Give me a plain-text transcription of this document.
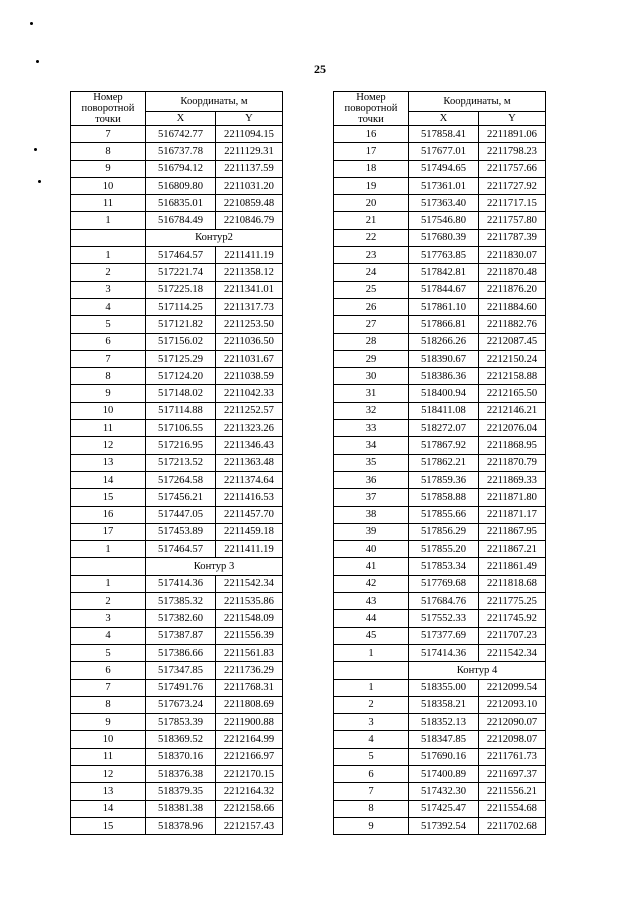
25
Номер поворотной точки	Координаты, м	
	X	Y
7	516742.77	2211094.15
8	516737.78	2211129.31
9	516794.12	2211137.59
10	516809.80	2211031.20
11	516835.01	2210859.48
1	516784.49	2210846.79
	Контур2	
1	517464.57	2211411.19
2	517221.74	2211358.12
3	517225.18	2211341.01
4	517114.25	2211317.73
5	517121.82	2211253.50
6	517156.02	2211036.50
7	517125.29	2211031.67
8	517124.20	2211038.59
9	517148.02	2211042.33
10	517114.88	2211252.57
11	517106.55	2211323.26
12	517216.95	2211346.43
13	517213.52	2211363.48
14	517264.58	2211374.64
15	517456.21	2211416.53
16	517447.05	2211457.70
17	517453.89	2211459.18
1	517464.57	2211411.19
	Контур 3	
1	517414.36	2211542.34
2	517385.32	2211535.86
3	517382.60	2211548.09
4	517387.87	2211556.39
5	517386.66	2211561.83
6	517347.85	2211736.29
7	517491.76	2211768.31
8	517673.24	2211808.69
9	517853.39	2211900.88
10	518369.52	2212164.99
11	518370.16	2212166.97
12	518376.38	2212170.15
13	518379.35	2212164.32
14	518381.38	2212158.66
15	518378.96	2212157.43
Номер поворотной точки	Координаты, м	
	X	Y
16	517858.41	2211891.06
17	517677.01	2211798.23
18	517494.65	2211757.66
19	517361.01	2211727.92
20	517363.40	2211717.15
21	517546.80	2211757.80
22	517680.39	2211787.39
23	517763.85	2211830.07
24	517842.81	2211870.48
25	517844.67	2211876.20
26	517861.10	2211884.60
27	517866.81	2211882.76
28	518266.26	2212087.45
29	518390.67	2212150.24
30	518386.36	2212158.88
31	518400.94	2212165.50
32	518411.08	2212146.21
33	518272.07	2212076.04
34	517867.92	2211868.95
35	517862.21	2211870.79
36	517859.36	2211869.33
37	517858.88	2211871.80
38	517855.66	2211871.17
39	517856.29	2211867.95
40	517855.20	2211867.21
41	517853.34	2211861.49
42	517769.68	2211818.68
43	517684.76	2211775.25
44	517552.33	2211745.92
45	517377.69	2211707.23
1	517414.36	2211542.34
	Контур 4	
1	518355.00	2212099.54
2	518358.21	2212093.10
3	518352.13	2212090.07
4	518347.85	2212098.07
5	517690.16	2211761.73
6	517400.89	2211697.37
7	517432.30	2211556.21
8	517425.47	2211554.68
9	517392.54	2211702.68
